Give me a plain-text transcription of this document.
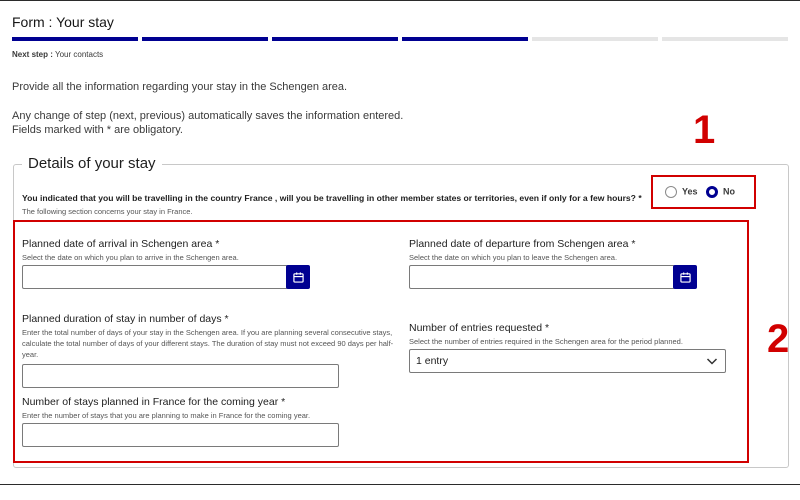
Form : Your stay
Next step : Your contacts
Provide all the information regarding your stay in the Schengen area.
Any change of step (next, previous) automatically saves the information entered.
Fields marked with * are obligatory.
Details of your stay
You indicated that you will be travelling in the country France , will you be travelling in other member states or territories, even if only for a few hours? *
The following section concerns your stay in France.
Yes	No
Planned date of arrival in Schengen area *
Select the date on which you plan to arrive in the Schengen area.
Planned date of departure from Schengen area *
Select the date on which you plan to leave the Schengen area.
Planned duration of stay in number of days *
Enter the total number of days of your stay in the Schengen area. If you are planning several consecutive stays, calculate the total number of days of your different stays. The duration of stay must not exceed 90 days per half-year.
Number of entries requested *
Select the number of entries required in the Schengen area for the period planned.
1 entry
Number of stays planned in France for the coming year *
Enter the number of stays that you are planning to make in France for the coming year.
1
2
